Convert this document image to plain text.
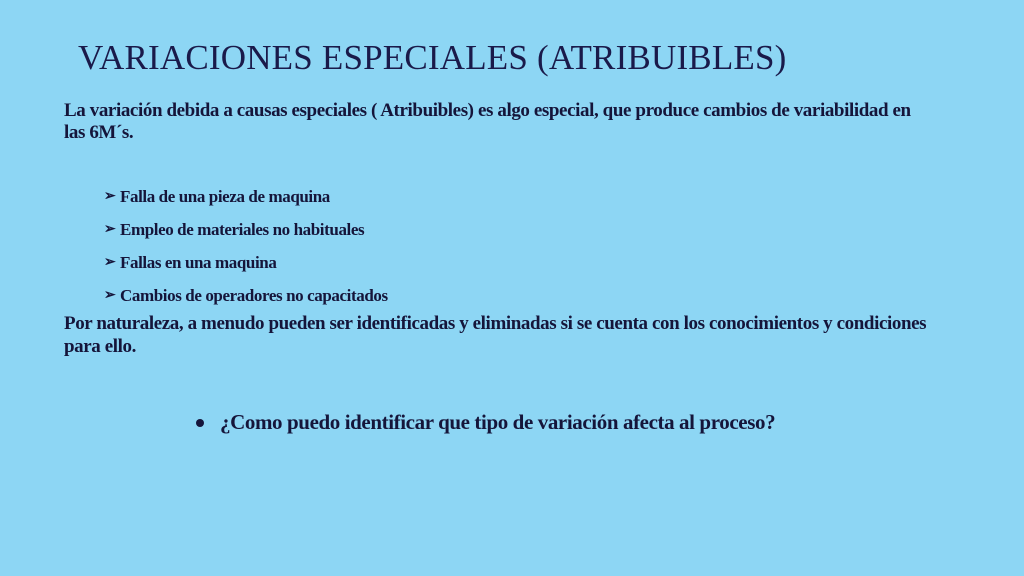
VARIACIONES ESPECIALES (ATRIBUIBLES)

La variación debida a causas especiales ( Atribuibles) es algo especial, que produce cambios de variabilidad en las 6M´s.

➢ Falla de una pieza de maquina
➢ Empleo de materiales no habituales
➢ Fallas en una maquina
➢ Cambios de operadores no capacitados

Por naturaleza, a menudo pueden ser identificadas y eliminadas si se cuenta con los conocimientos y condiciones para ello.

¿Como puedo identificar que tipo de variación afecta al proceso?
